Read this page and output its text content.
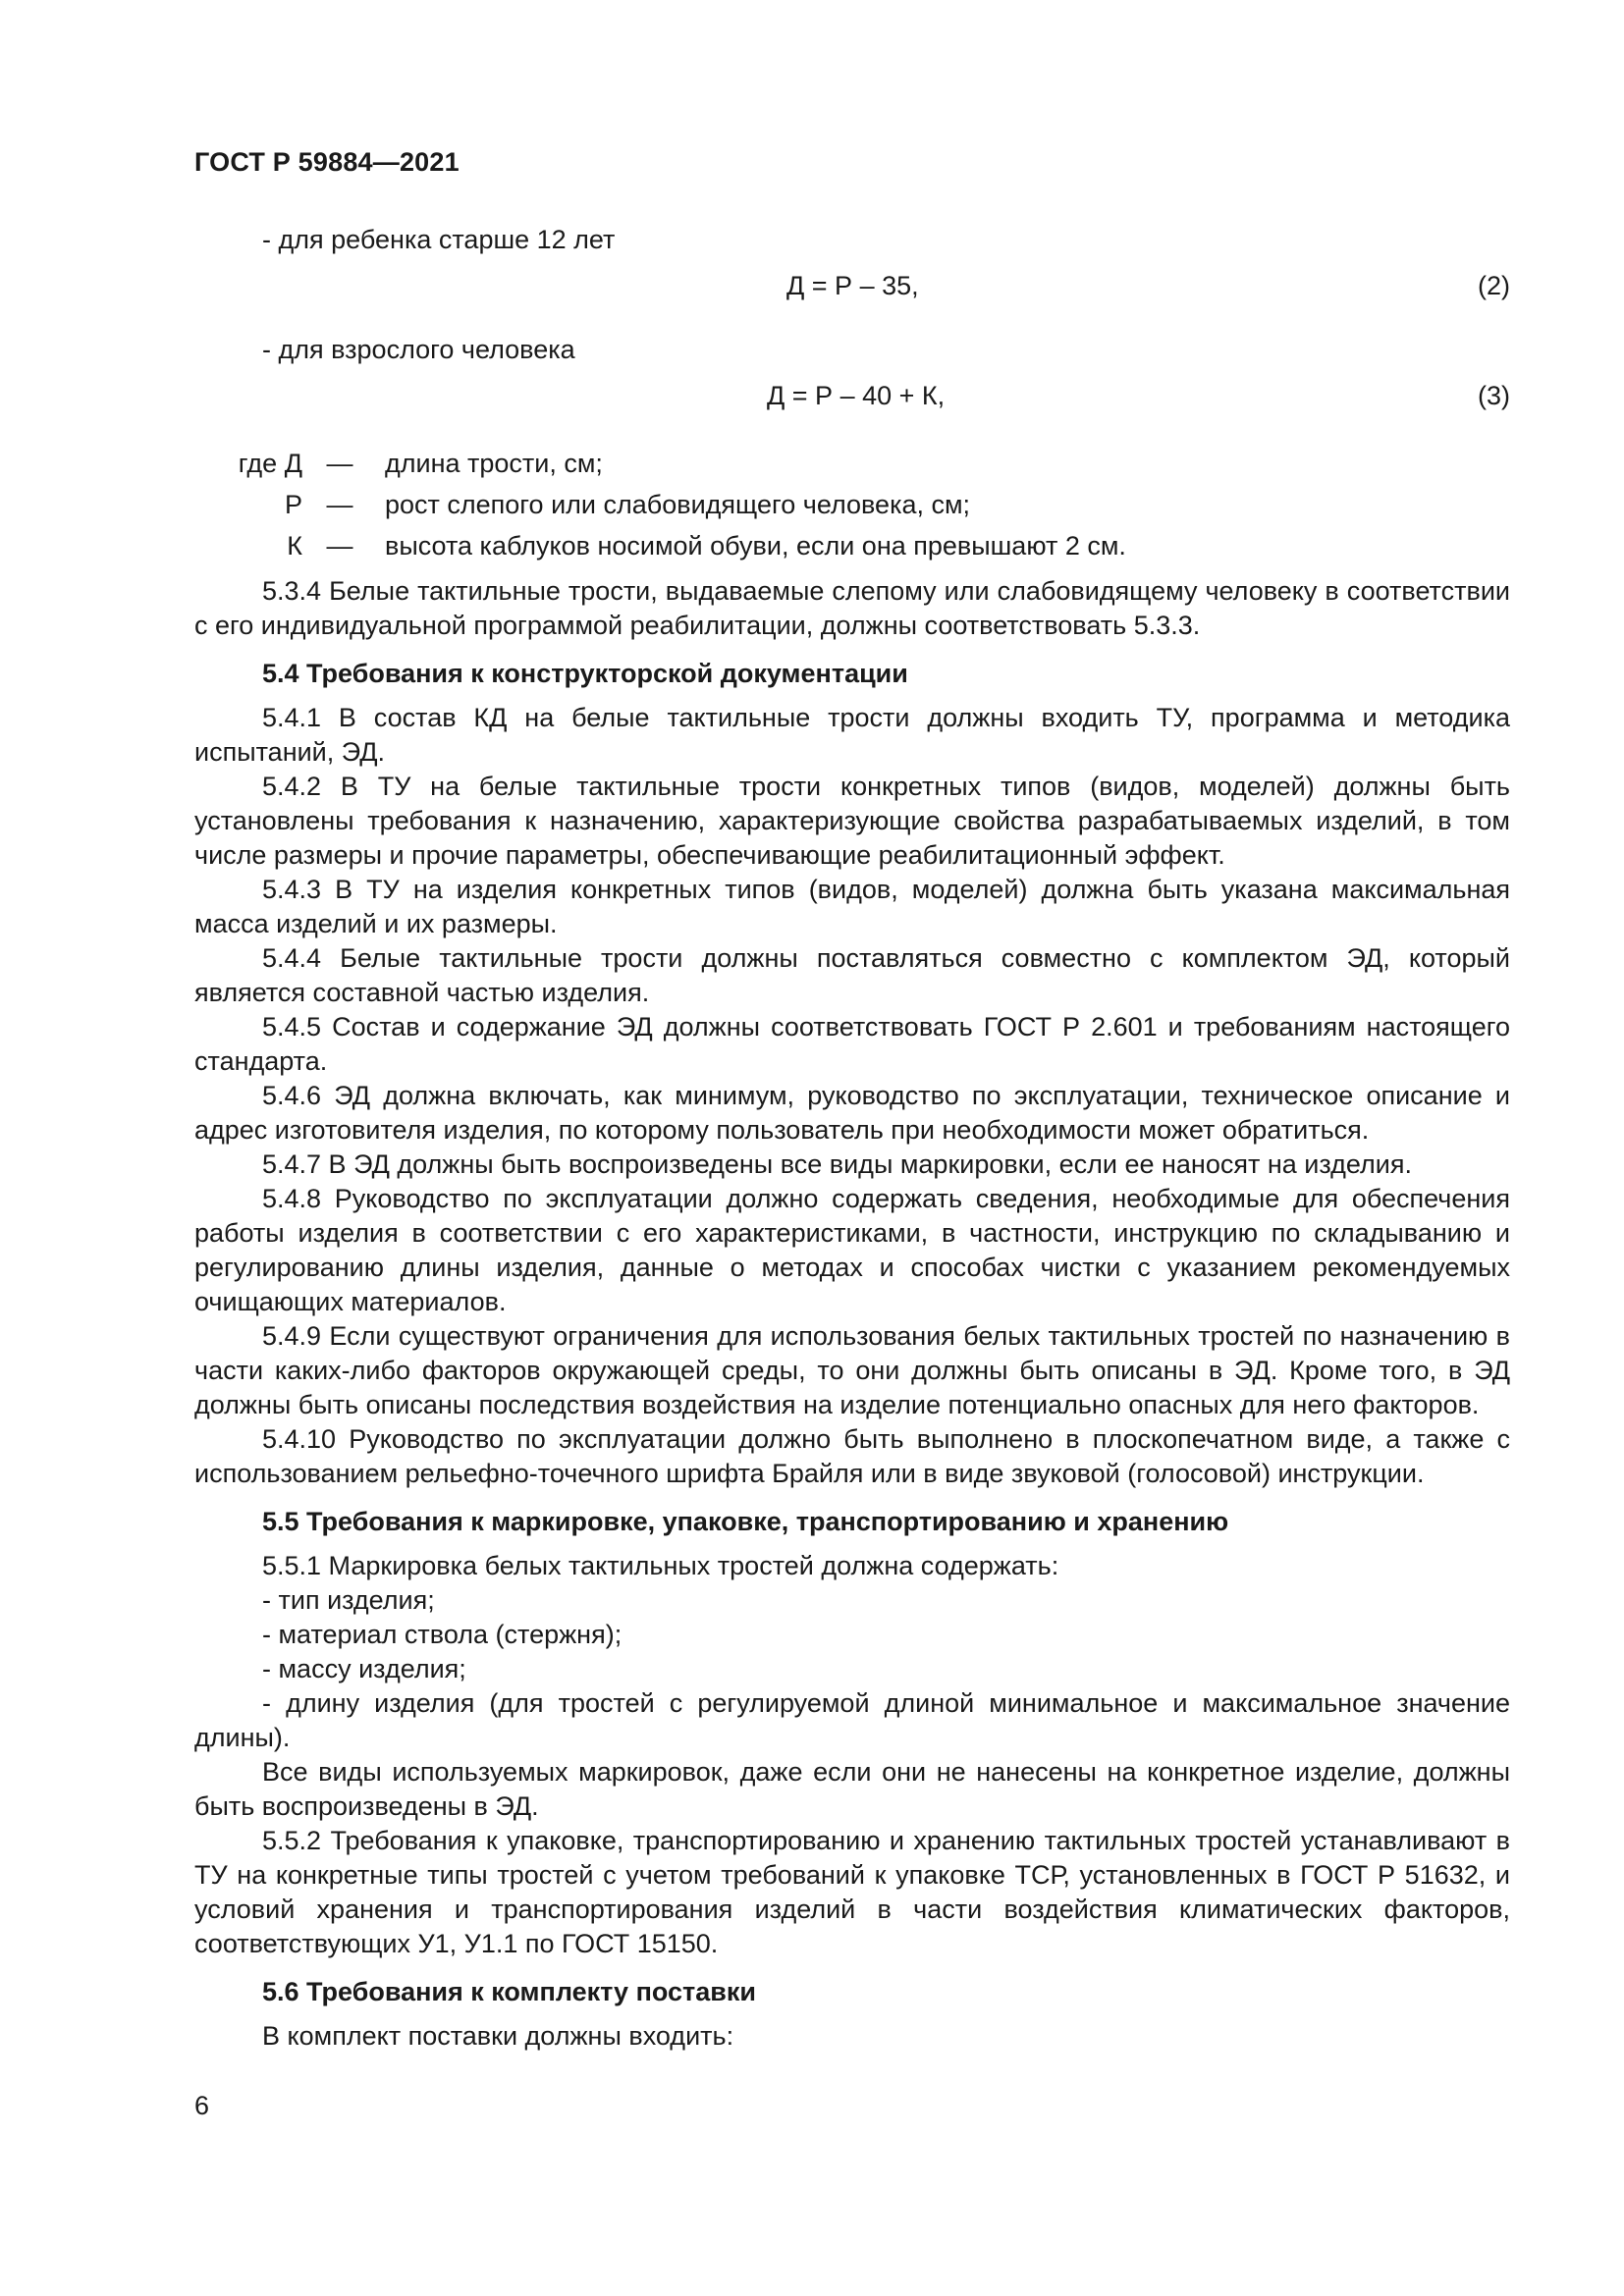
ГОСТ Р 59884—2021

- для ребенка старше 12 лет

Д = Р – 35,	(2)

- для взрослого человека

Д = Р – 40 + К,	(3)
где Д —	длина трости, см;
Р —	рост слепого или слабовидящего человека, см;
К —	высота каблуков носимой обуви, если она превышают 2 см.

5.3.4 Белые тактильные трости, выдаваемые слепому или слабовидящему человеку в соответствии с его индивидуальной программой реабилитации, должны соответствовать 5.3.3.

5.4 Требования к конструкторской документации

5.4.1 В состав КД на белые тактильные трости должны входить ТУ, программа и методика испытаний, ЭД.

5.4.2 В ТУ на белые тактильные трости конкретных типов (видов, моделей) должны быть установлены требования к назначению, характеризующие свойства разрабатываемых изделий, в том числе размеры и прочие параметры, обеспечивающие реабилитационный эффект.

5.4.3 В ТУ на изделия конкретных типов (видов, моделей) должна быть указана максимальная масса изделий и их размеры.

5.4.4 Белые тактильные трости должны поставляться совместно с комплектом ЭД, который является составной частью изделия.

5.4.5 Состав и содержание ЭД должны соответствовать ГОСТ Р 2.601 и требованиям настоящего стандарта.

5.4.6 ЭД должна включать, как минимум, руководство по эксплуатации, техническое описание и адрес изготовителя изделия, по которому пользователь при необходимости может обратиться.

5.4.7 В ЭД должны быть воспроизведены все виды маркировки, если ее наносят на изделия.

5.4.8 Руководство по эксплуатации должно содержать сведения, необходимые для обеспечения работы изделия в соответствии с его характеристиками, в частности, инструкцию по складыванию и регулированию длины изделия, данные о методах и способах чистки с указанием рекомендуемых очищающих материалов.

5.4.9 Если существуют ограничения для использования белых тактильных тростей по назначению в части каких-либо факторов окружающей среды, то они должны быть описаны в ЭД. Кроме того, в ЭД должны быть описаны последствия воздействия на изделие потенциально опасных для него факторов.

5.4.10 Руководство по эксплуатации должно быть выполнено в плоскопечатном виде, а также с использованием рельефно-точечного шрифта Брайля или в виде звуковой (голосовой) инструкции.

5.5 Требования к маркировке, упаковке, транспортированию и хранению

5.5.1 Маркировка белых тактильных тростей должна содержать:

- тип изделия;

- материал ствола (стержня);

- массу изделия;

- длину изделия (для тростей с регулируемой длиной минимальное и максимальное значение длины).

Все виды используемых маркировок, даже если они не нанесены на конкретное изделие, должны быть воспроизведены в ЭД.

5.5.2 Требования к упаковке, транспортированию и хранению тактильных тростей устанавливают в ТУ на конкретные типы тростей с учетом требований к упаковке ТСР, установленных в ГОСТ Р 51632, и условий хранения и транспортирования изделий в части воздействия климатических факторов, соответствующих У1, У1.1 по ГОСТ 15150.

5.6 Требования к комплекту поставки

В комплект поставки должны входить:

6
